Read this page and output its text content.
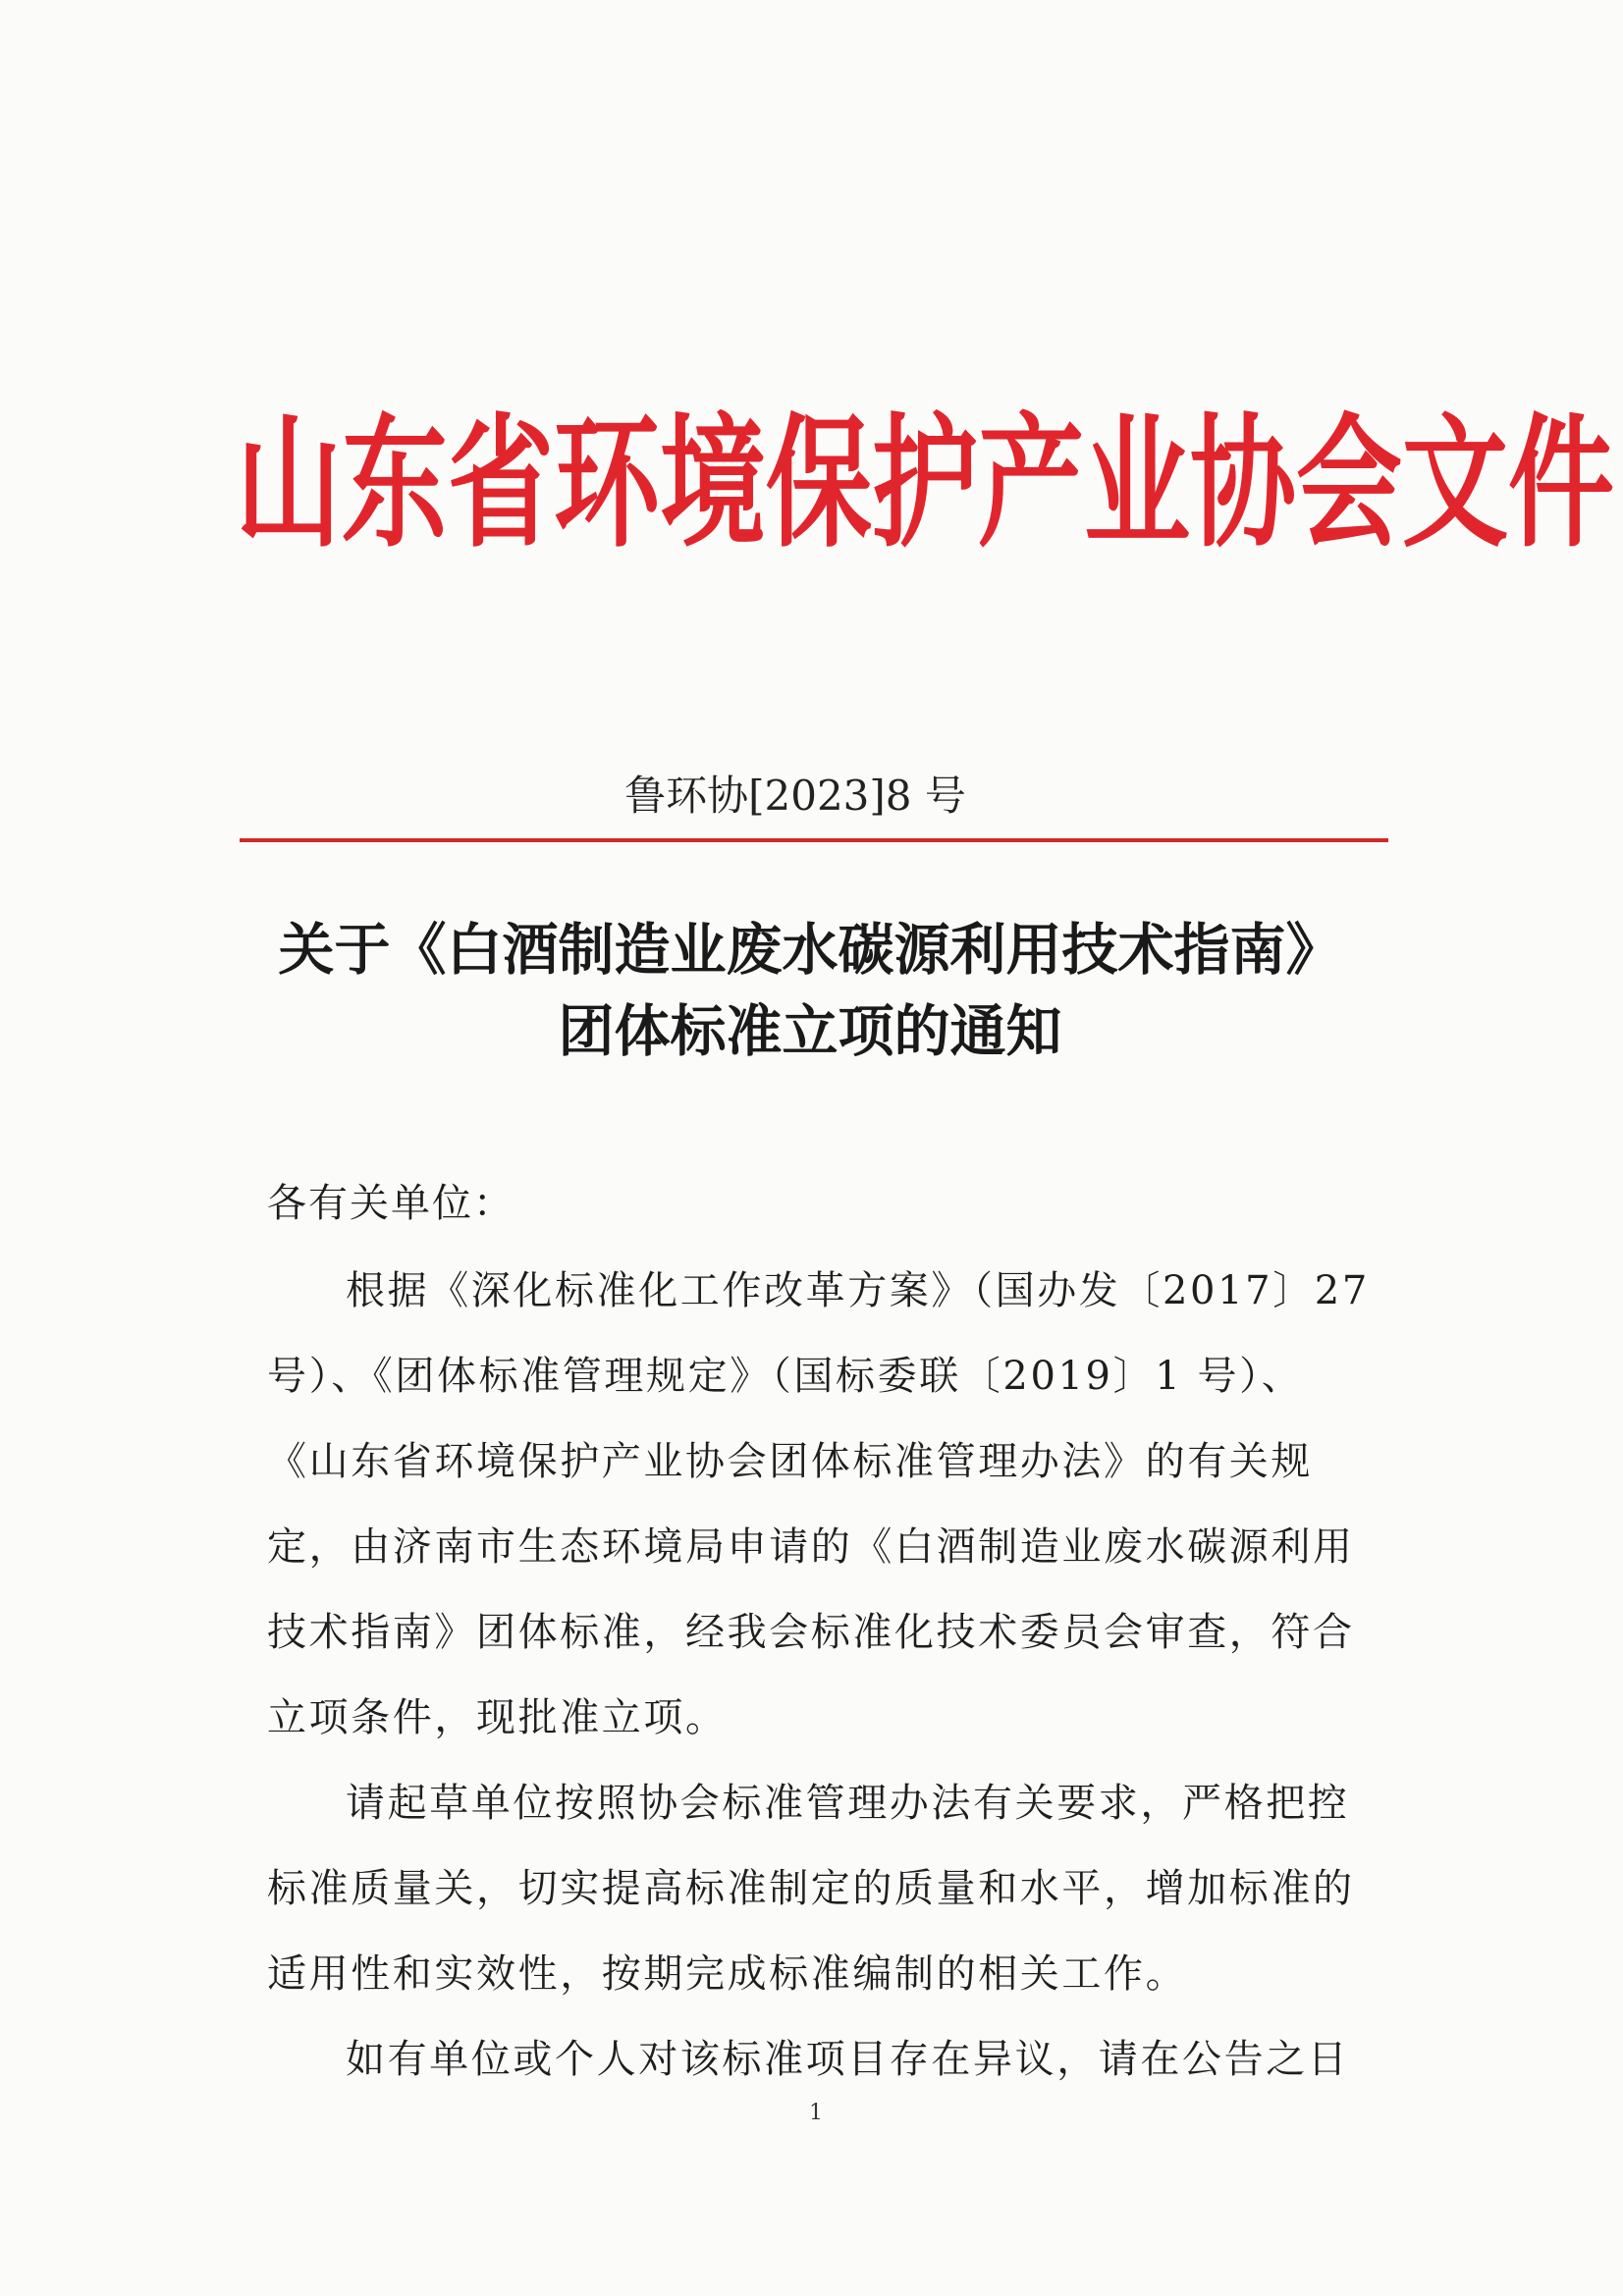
山东省环境保护产业协会文件
鲁环协[2023]8 号
关于《白酒制造业废水碳源利用技术指南》
团体标准立项的通知
各有关单位：
根据《深化标准化工作改革方案》（国办发〔2017〕27
号）、《团体标准管理规定》（国标委联〔2019〕1 号）、
《山东省环境保护产业协会团体标准管理办法》的有关规
定，由济南市生态环境局申请的《白酒制造业废水碳源利用
技术指南》团体标准，经我会标准化技术委员会审查，符合
立项条件，现批准立项。
请起草单位按照协会标准管理办法有关要求，严格把控
标准质量关，切实提高标准制定的质量和水平，增加标准的
适用性和实效性，按期完成标准编制的相关工作。
如有单位或个人对该标准项目存在异议，请在公告之日
1
